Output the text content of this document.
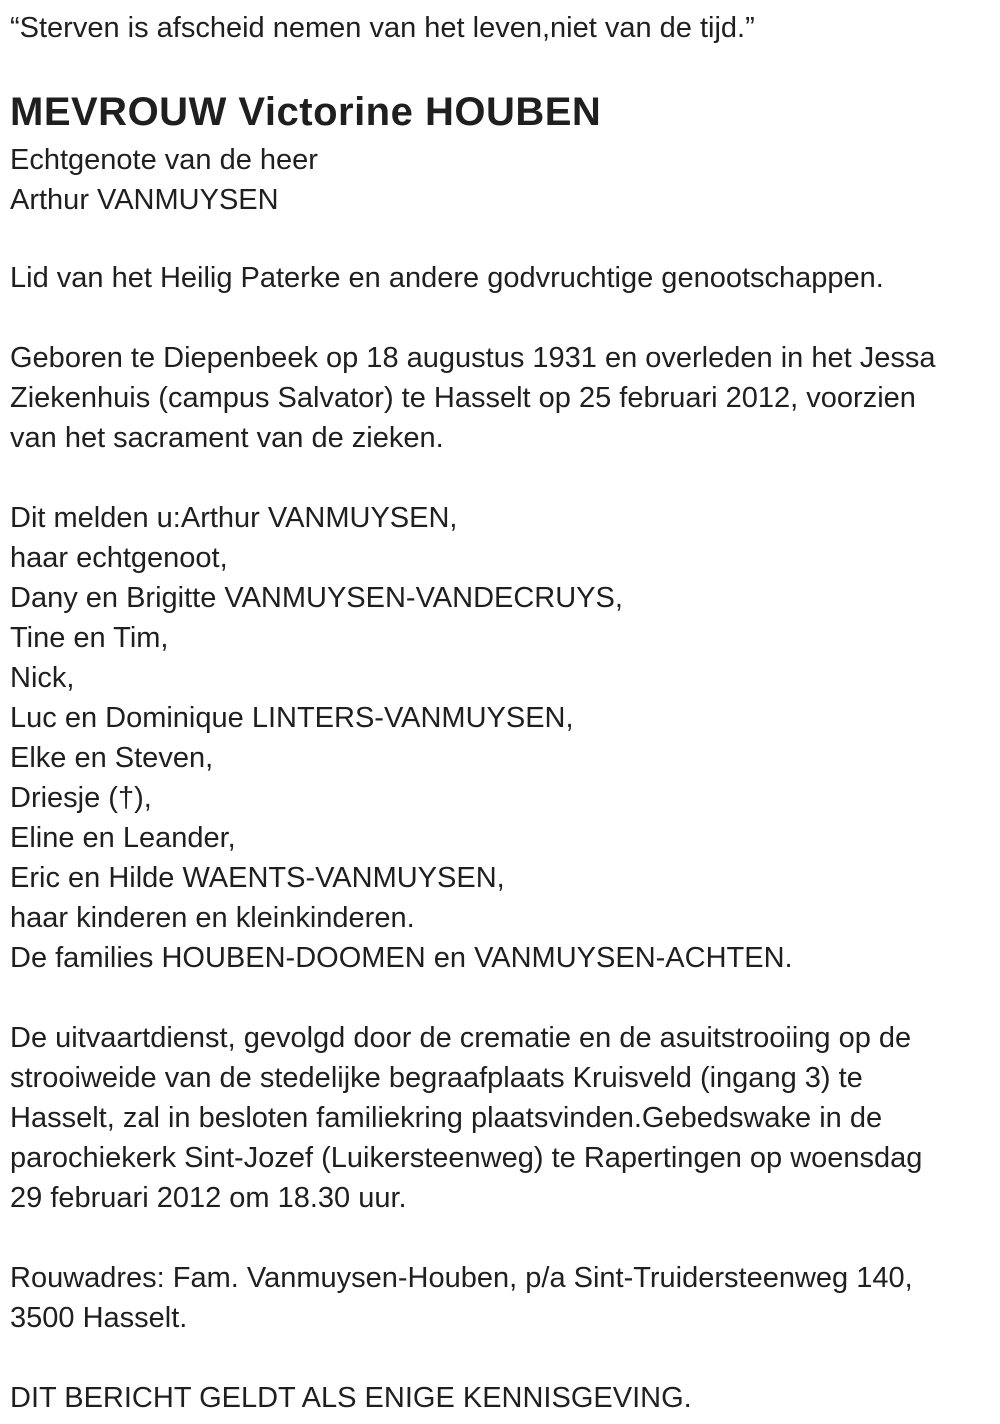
“Sterven is afscheid nemen van het leven,niet van de tijd.”
MEVROUW Victorine HOUBEN
Echtgenote van de heer
Arthur VANMUYSEN
Lid van het Heilig Paterke en andere godvruchtige genootschappen.
Geboren te Diepenbeek op 18 augustus 1931 en overleden in het Jessa
Ziekenhuis (campus Salvator) te Hasselt op 25 februari 2012, voorzien
van het sacrament van de zieken.
Dit melden u:Arthur VANMUYSEN,
haar echtgenoot,
Dany en Brigitte VANMUYSEN-VANDECRUYS,
Tine en Tim,
Nick,
Luc en Dominique LINTERS-VANMUYSEN,
Elke en Steven,
Driesje (†),
Eline en Leander,
Eric en Hilde WAENTS-VANMUYSEN,
haar kinderen en kleinkinderen.
De families HOUBEN-DOOMEN en VANMUYSEN-ACHTEN.
De uitvaartdienst, gevolgd door de crematie en de asuitstrooiing op de
strooiweide van de stedelijke begraafplaats Kruisveld (ingang 3) te
Hasselt, zal in besloten familiekring plaatsvinden.Gebedswake in de
parochiekerk Sint-Jozef (Luikersteenweg) te Rapertingen op woensdag
29 februari 2012 om 18.30 uur.
Rouwadres: Fam. Vanmuysen-Houben, p/a Sint-Truidersteenweg 140,
3500 Hasselt.
DIT BERICHT GELDT ALS ENIGE KENNISGEVING.
